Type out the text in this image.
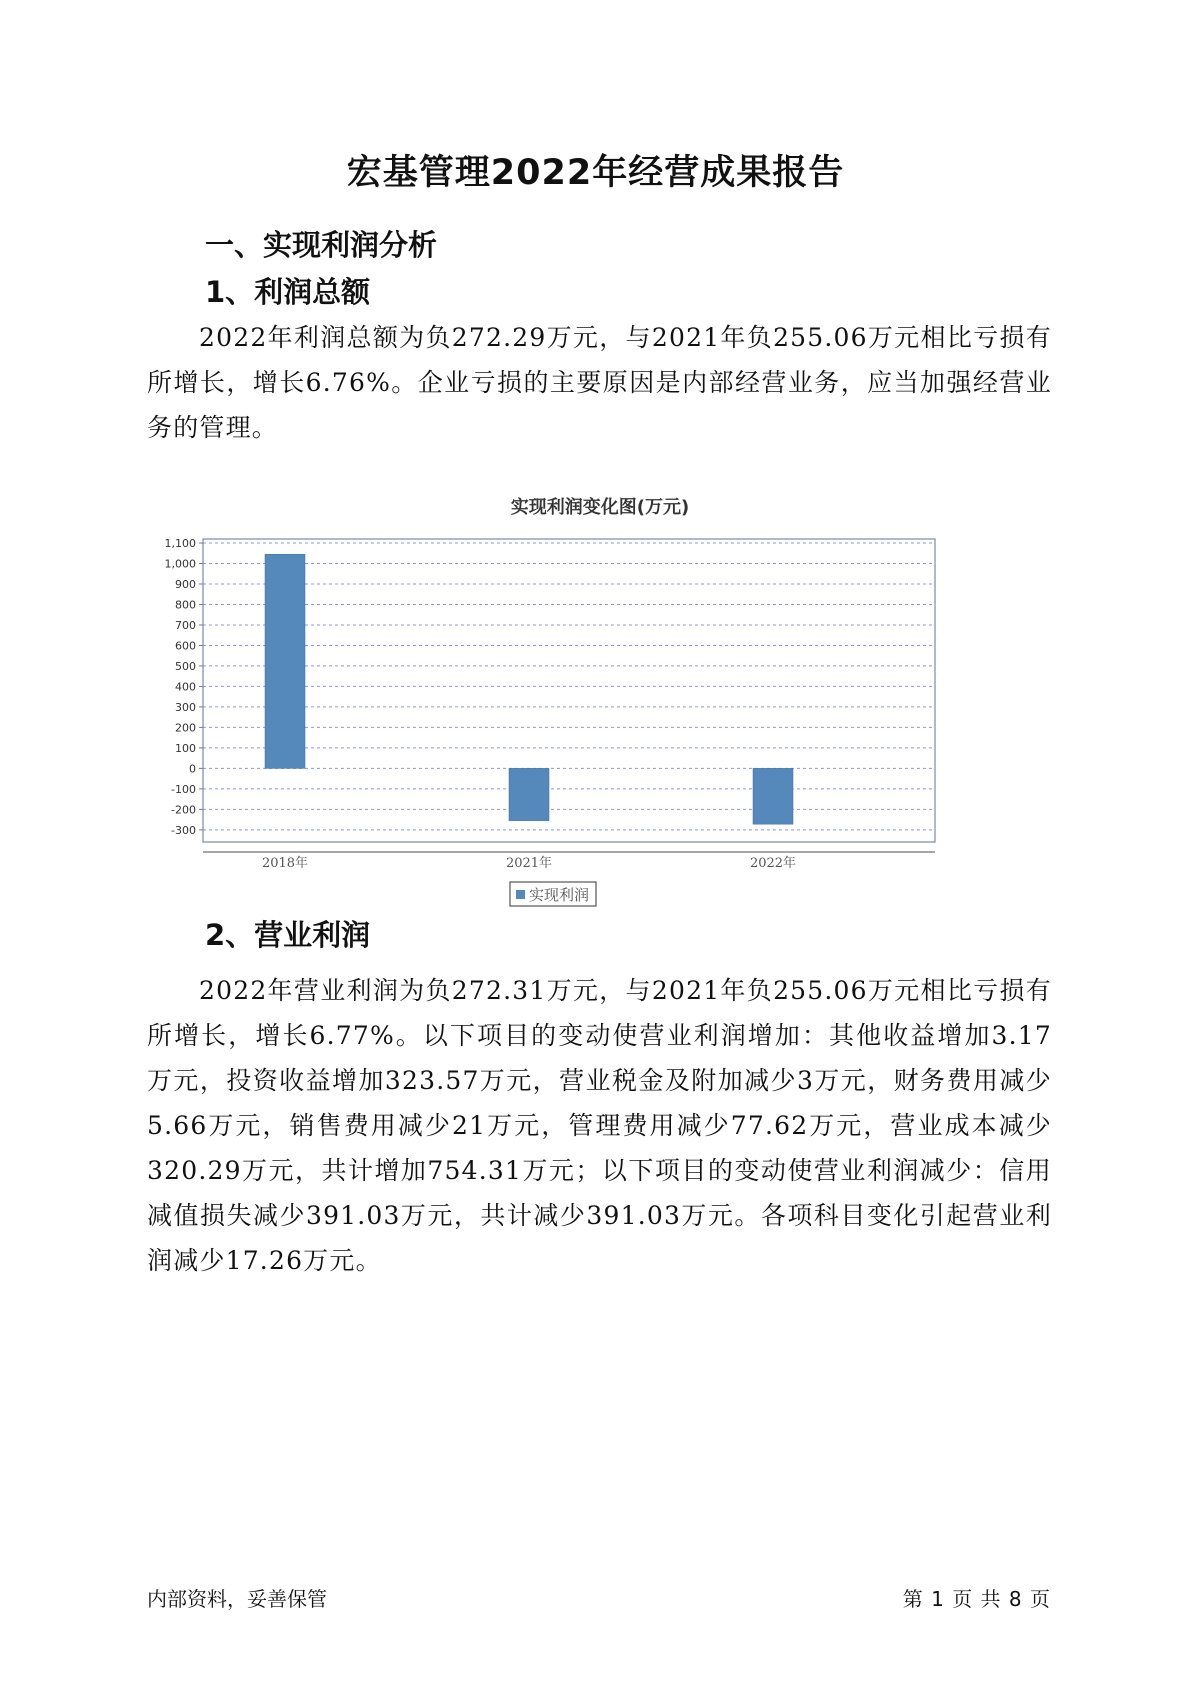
宏基管理2022年经营成果报告
一、实现利润分析
1、利润总额

2022年利润总额为负272.29万元，与2021年负255.06万元相比亏损有所增长，增长6.76%。企业亏损的主要原因是内部经营业务，应当加强经营业务的管理。

实现利润变化图(万元)
1,100
1,000
900
800
700
600
500
400
300
200
100
0
-100
-200
-300
2018年	2021年	2022年
实现利润
2、营业利润

2022年营业利润为负272.31万元，与2021年负255.06万元相比亏损有所增长，增长6.77%。以下项目的变动使营业利润增加：其他收益增加3.17万元，投资收益增加323.57万元，营业税金及附加减少3万元，财务费用减少5.66万元，销售费用减少21万元，管理费用减少77.62万元，营业成本减少320.29万元，共计增加754.31万元；以下项目的变动使营业利润减少：信用减值损失减少391.03万元，共计减少391.03万元。各项科目变化引起营业利润减少17.26万元。

内部资料，妥善保管	第 1 页 共 8 页
